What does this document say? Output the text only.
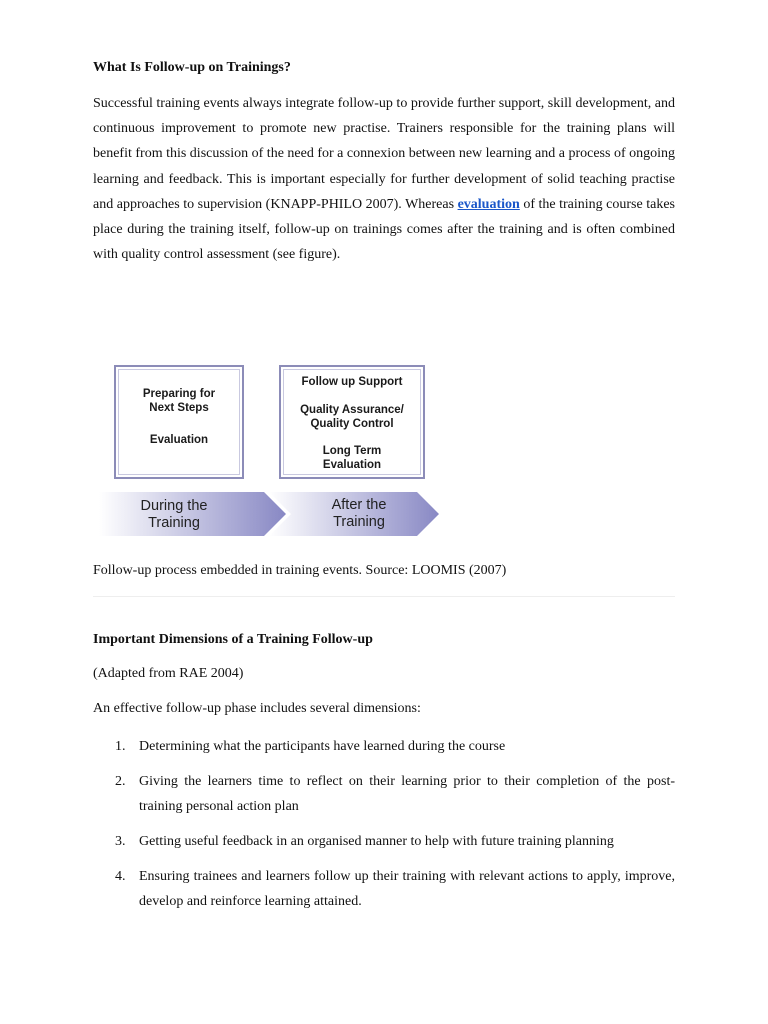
What Is Follow-up on Trainings?
Successful training events always integrate follow-up to provide further support, skill development, and continuous improvement to promote new practise. Trainers responsible for the training plans will benefit from this discussion of the need for a connexion between new learning and a process of ongoing learning and feedback. This is important especially for further development of solid teaching practise and approaches to supervision (KNAPP-PHILO 2007). Whereas evaluation of the training course takes place during the training itself, follow-up on trainings comes after the training and is often combined with quality control assessment (see figure).
Follow-up process embedded in training events. Source: LOOMIS (2007)
Important Dimensions of a Training Follow-up
(Adapted from RAE 2004)
An effective follow-up phase includes several dimensions:
1. Determining what the participants have learned during the course
2. Giving the learners time to reflect on their learning prior to their completion of the post-training personal action plan
3. Getting useful feedback in an organised manner to help with future training planning
4. Ensuring trainees and learners follow up their training with relevant actions to apply, improve, develop and reinforce learning attained.
Preparing for
Next Steps
Evaluation
Follow up Support
Quality Assurance/
Quality Control
Long Term
Evaluation
During the
Training
After the
Training
